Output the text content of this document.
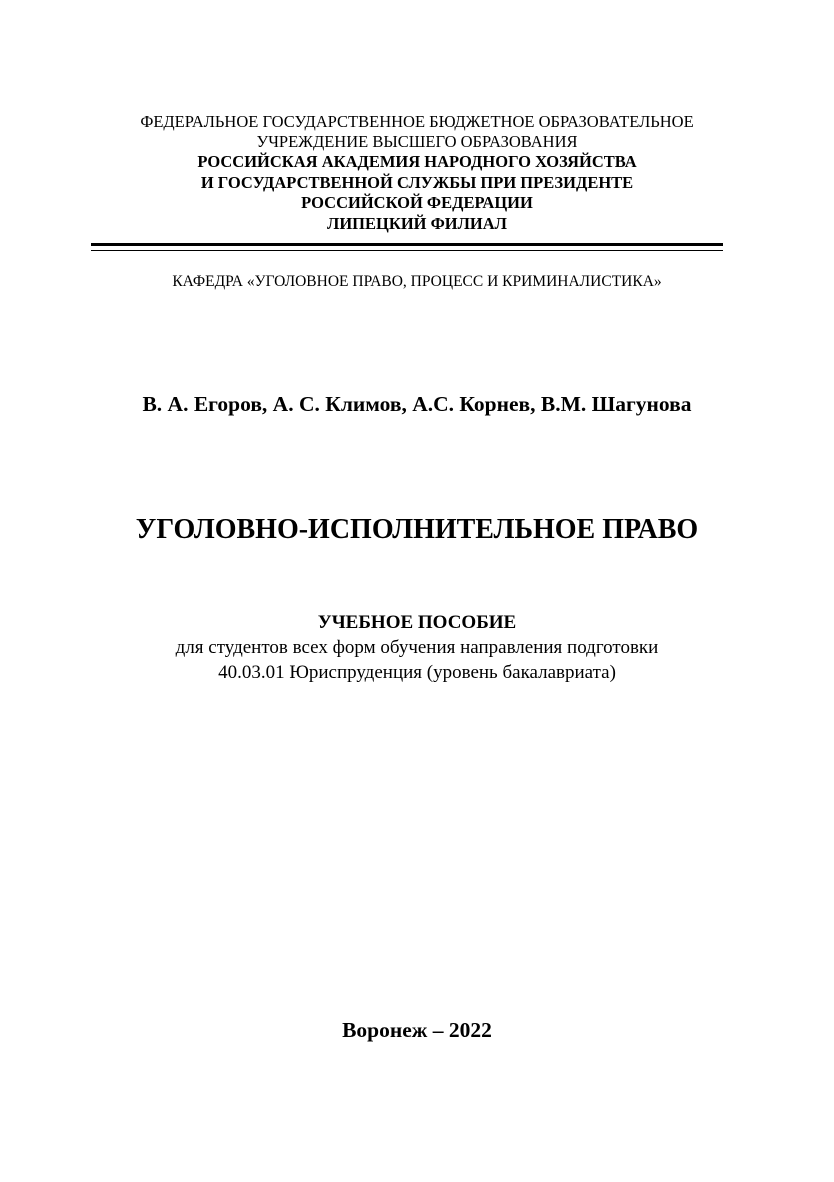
ФЕДЕРАЛЬНОЕ ГОСУДАРСТВЕННОЕ БЮДЖЕТНОЕ ОБРАЗОВАТЕЛЬНОЕ
УЧРЕЖДЕНИЕ ВЫСШЕГО ОБРАЗОВАНИЯ
РОССИЙСКАЯ АКАДЕМИЯ НАРОДНОГО ХОЗЯЙСТВА
И ГОСУДАРСТВЕННОЙ СЛУЖБЫ ПРИ ПРЕЗИДЕНТЕ
РОССИЙСКОЙ ФЕДЕРАЦИИ
ЛИПЕЦКИЙ ФИЛИАЛ
КАФЕДРА «УГОЛОВНОЕ ПРАВО, ПРОЦЕСС И КРИМИНАЛИСТИКА»
В. А. Егоров, А. С. Климов, А.С. Корнев, В.М. Шагунова
УГОЛОВНО-ИСПОЛНИТЕЛЬНОЕ ПРАВО
УЧЕБНОЕ ПОСОБИЕ
для студентов всех форм обучения направления подготовки
40.03.01 Юриспруденция (уровень бакалавриата)
Воронеж – 2022
